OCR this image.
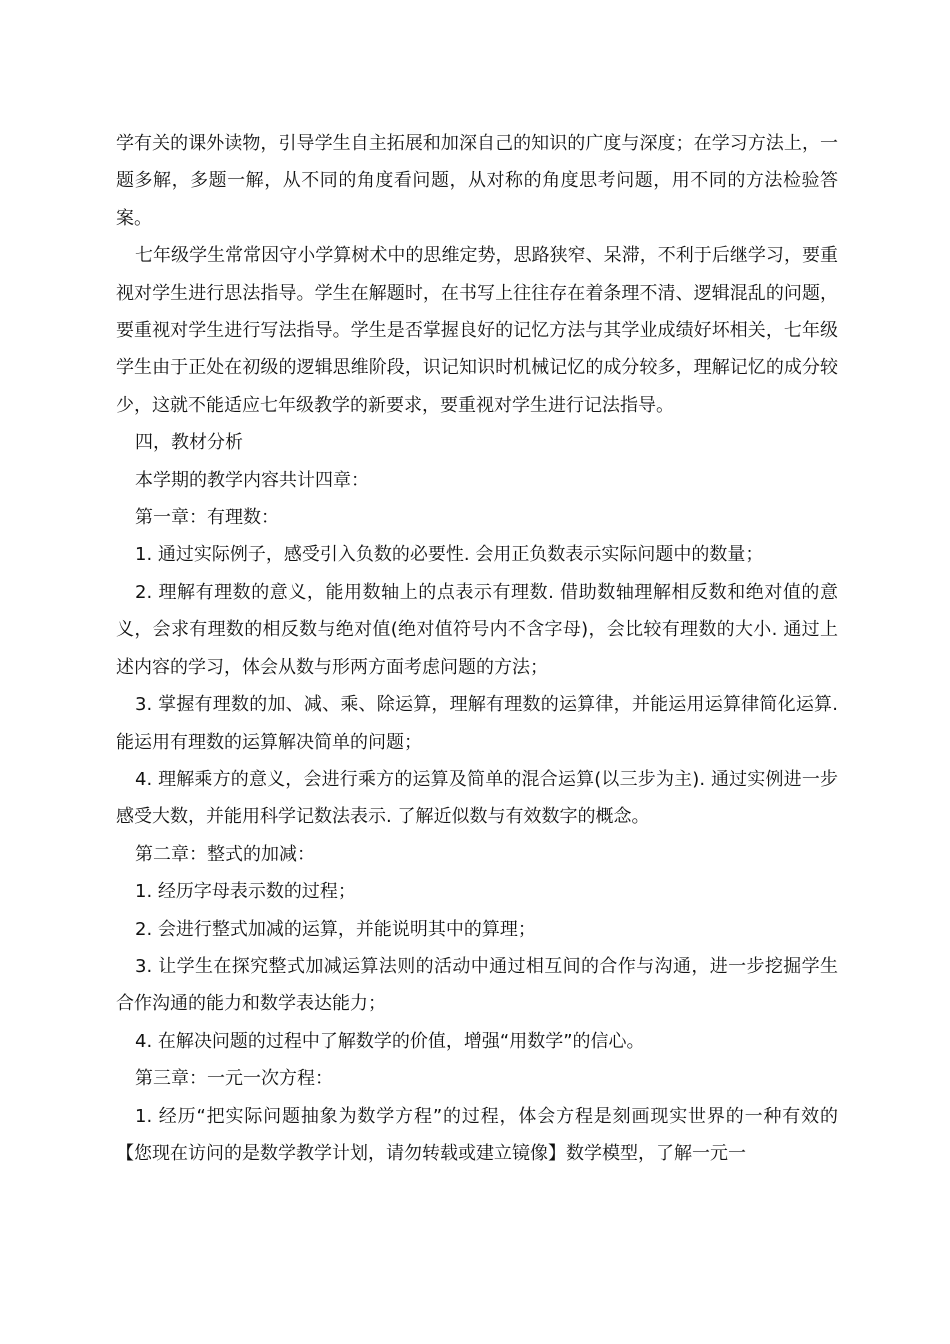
学有关的课外读物，引导学生自主拓展和加深自己的知识的广度与深度；在学习方法上，一题多解，多题一解，从不同的角度看问题，从对称的角度思考问题，用不同的方法检验答案。

七年级学生常常因守小学算树术中的思维定势，思路狭窄、呆滞，不利于后继学习，要重视对学生进行思法指导。学生在解题时，在书写上往往存在着条理不清、逻辑混乱的问题，要重视对学生进行写法指导。学生是否掌握良好的记忆方法与其学业成绩好坏相关，七年级学生由于正处在初级的逻辑思维阶段，识记知识时机械记忆的成分较多，理解记忆的成分较少，这就不能适应七年级教学的新要求，要重视对学生进行记法指导。

四，教材分析

本学期的教学内容共计四章：

第一章：有理数：

1. 通过实际例子，感受引入负数的必要性. 会用正负数表示实际问题中的数量；

2. 理解有理数的意义，能用数轴上的点表示有理数. 借助数轴理解相反数和绝对值的意义，会求有理数的相反数与绝对值(绝对值符号内不含字母)，会比较有理数的大小. 通过上述内容的学习，体会从数与形两方面考虑问题的方法；

3. 掌握有理数的加、减、乘、除运算，理解有理数的运算律，并能运用运算律简化运算. 能运用有理数的运算解决简单的问题；

4. 理解乘方的意义，会进行乘方的运算及简单的混合运算(以三步为主). 通过实例进一步感受大数，并能用科学记数法表示. 了解近似数与有效数字的概念。

第二章：整式的加减：

1. 经历字母表示数的过程；

2. 会进行整式加减的运算，并能说明其中的算理；

3. 让学生在探究整式加减运算法则的活动中通过相互间的合作与沟通，进一步挖掘学生合作沟通的能力和数学表达能力；

4. 在解决问题的过程中了解数学的价值，增强“用数学”的信心。

第三章：一元一次方程：

1. 经历“把实际问题抽象为数学方程”的过程，体会方程是刻画现实世界的一种有效的【您现在访问的是数学教学计划，请勿转载或建立镜像】数学模型，了解一元一
